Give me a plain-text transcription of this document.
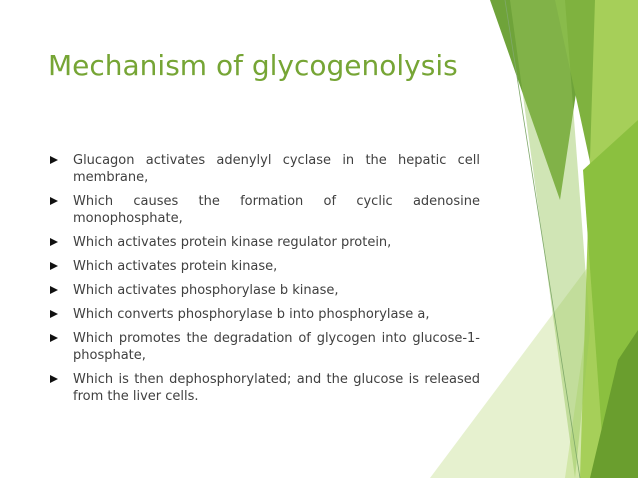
Mechanism of glycogenolysis
Glucagon activates adenylyl cyclase in the hepatic cell membrane,
Which causes the formation of cyclic adenosine monophosphate,
Which activates protein kinase regulator protein,
Which activates protein kinase,
Which activates phosphorylase b kinase,
Which converts phosphorylase b into phosphorylase a,
Which promotes the degradation of glycogen into glucose-1-phosphate,
Which is then dephosphorylated; and the glucose is released from the liver cells.
